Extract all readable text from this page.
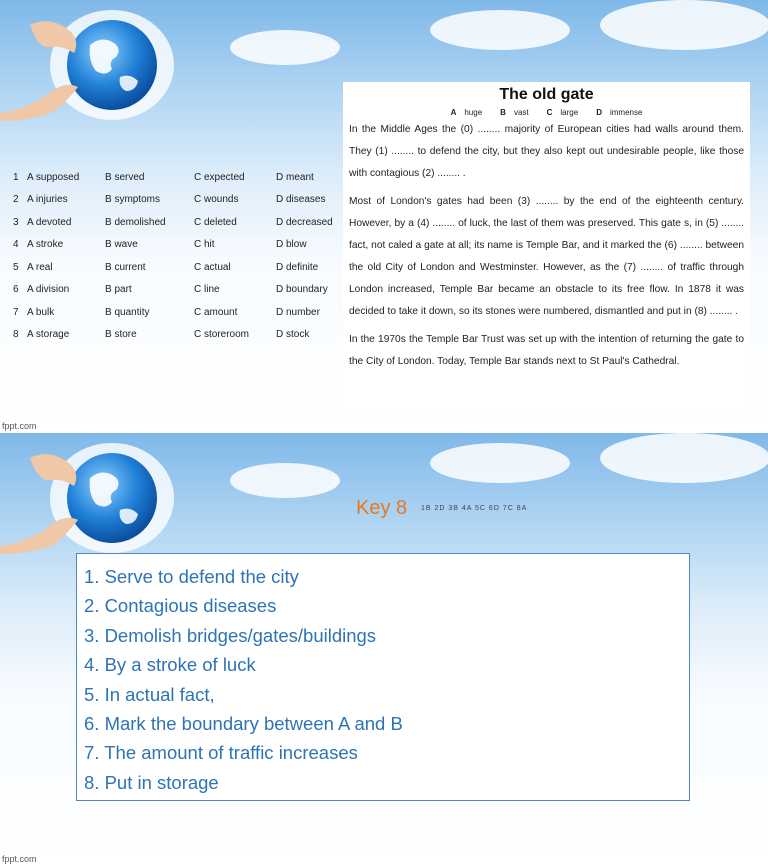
1 A supposed	B served	C expected	D meant
2 A injuries	B symptoms	C wounds	D diseases
3 A devoted	B demolished	C deleted	D decreased
4 A stroke	B wave	C hit	D blow
5 A real	B current	C actual	D definite
6 A division	B part	C line	D boundary
7 A bulk	B quantity	C amount	D number
8 A storage	B store	C storeroom	D stock
The old gate
A huge B vast C large D immense

In the Middle Ages the (0) ........ majority of European cities had walls around them. They (1) ........ to defend the city, but they also kept out undesirable people, like those with contagious (2) ........ .

Most of London's gates had been (3) ........ by the end of the eighteenth century. However, by a (4) ........ of luck, the last of them was preserved. This gate s, in (5) ........ fact, not caled a gate at all; its name is Temple Bar, and it marked the (6) ........ between the old City of London and Westminster. However, as the (7) ........ of traffic through London increased, Temple Bar became an obstacle to its free flow. In 1878 it was decided to take it down, so its stones were numbered, dismantled and put in (8) ........ .

In the 1970s the Temple Bar Trust was set up with the intention of returning the gate to the City of London. Today, Temple Bar stands next to St Paul's Cathedral.

fppt.com
Key 8 1B 2D 3B 4A 5C 6D 7C 8A
1. Serve to defend the city
2. Contagious diseases
3. Demolish bridges/gates/buildings
4. By a stroke of luck
5. In actual fact,
6. Mark the boundary between A and B
7. The amount of traffic increases
8. Put in storage
fppt.com
